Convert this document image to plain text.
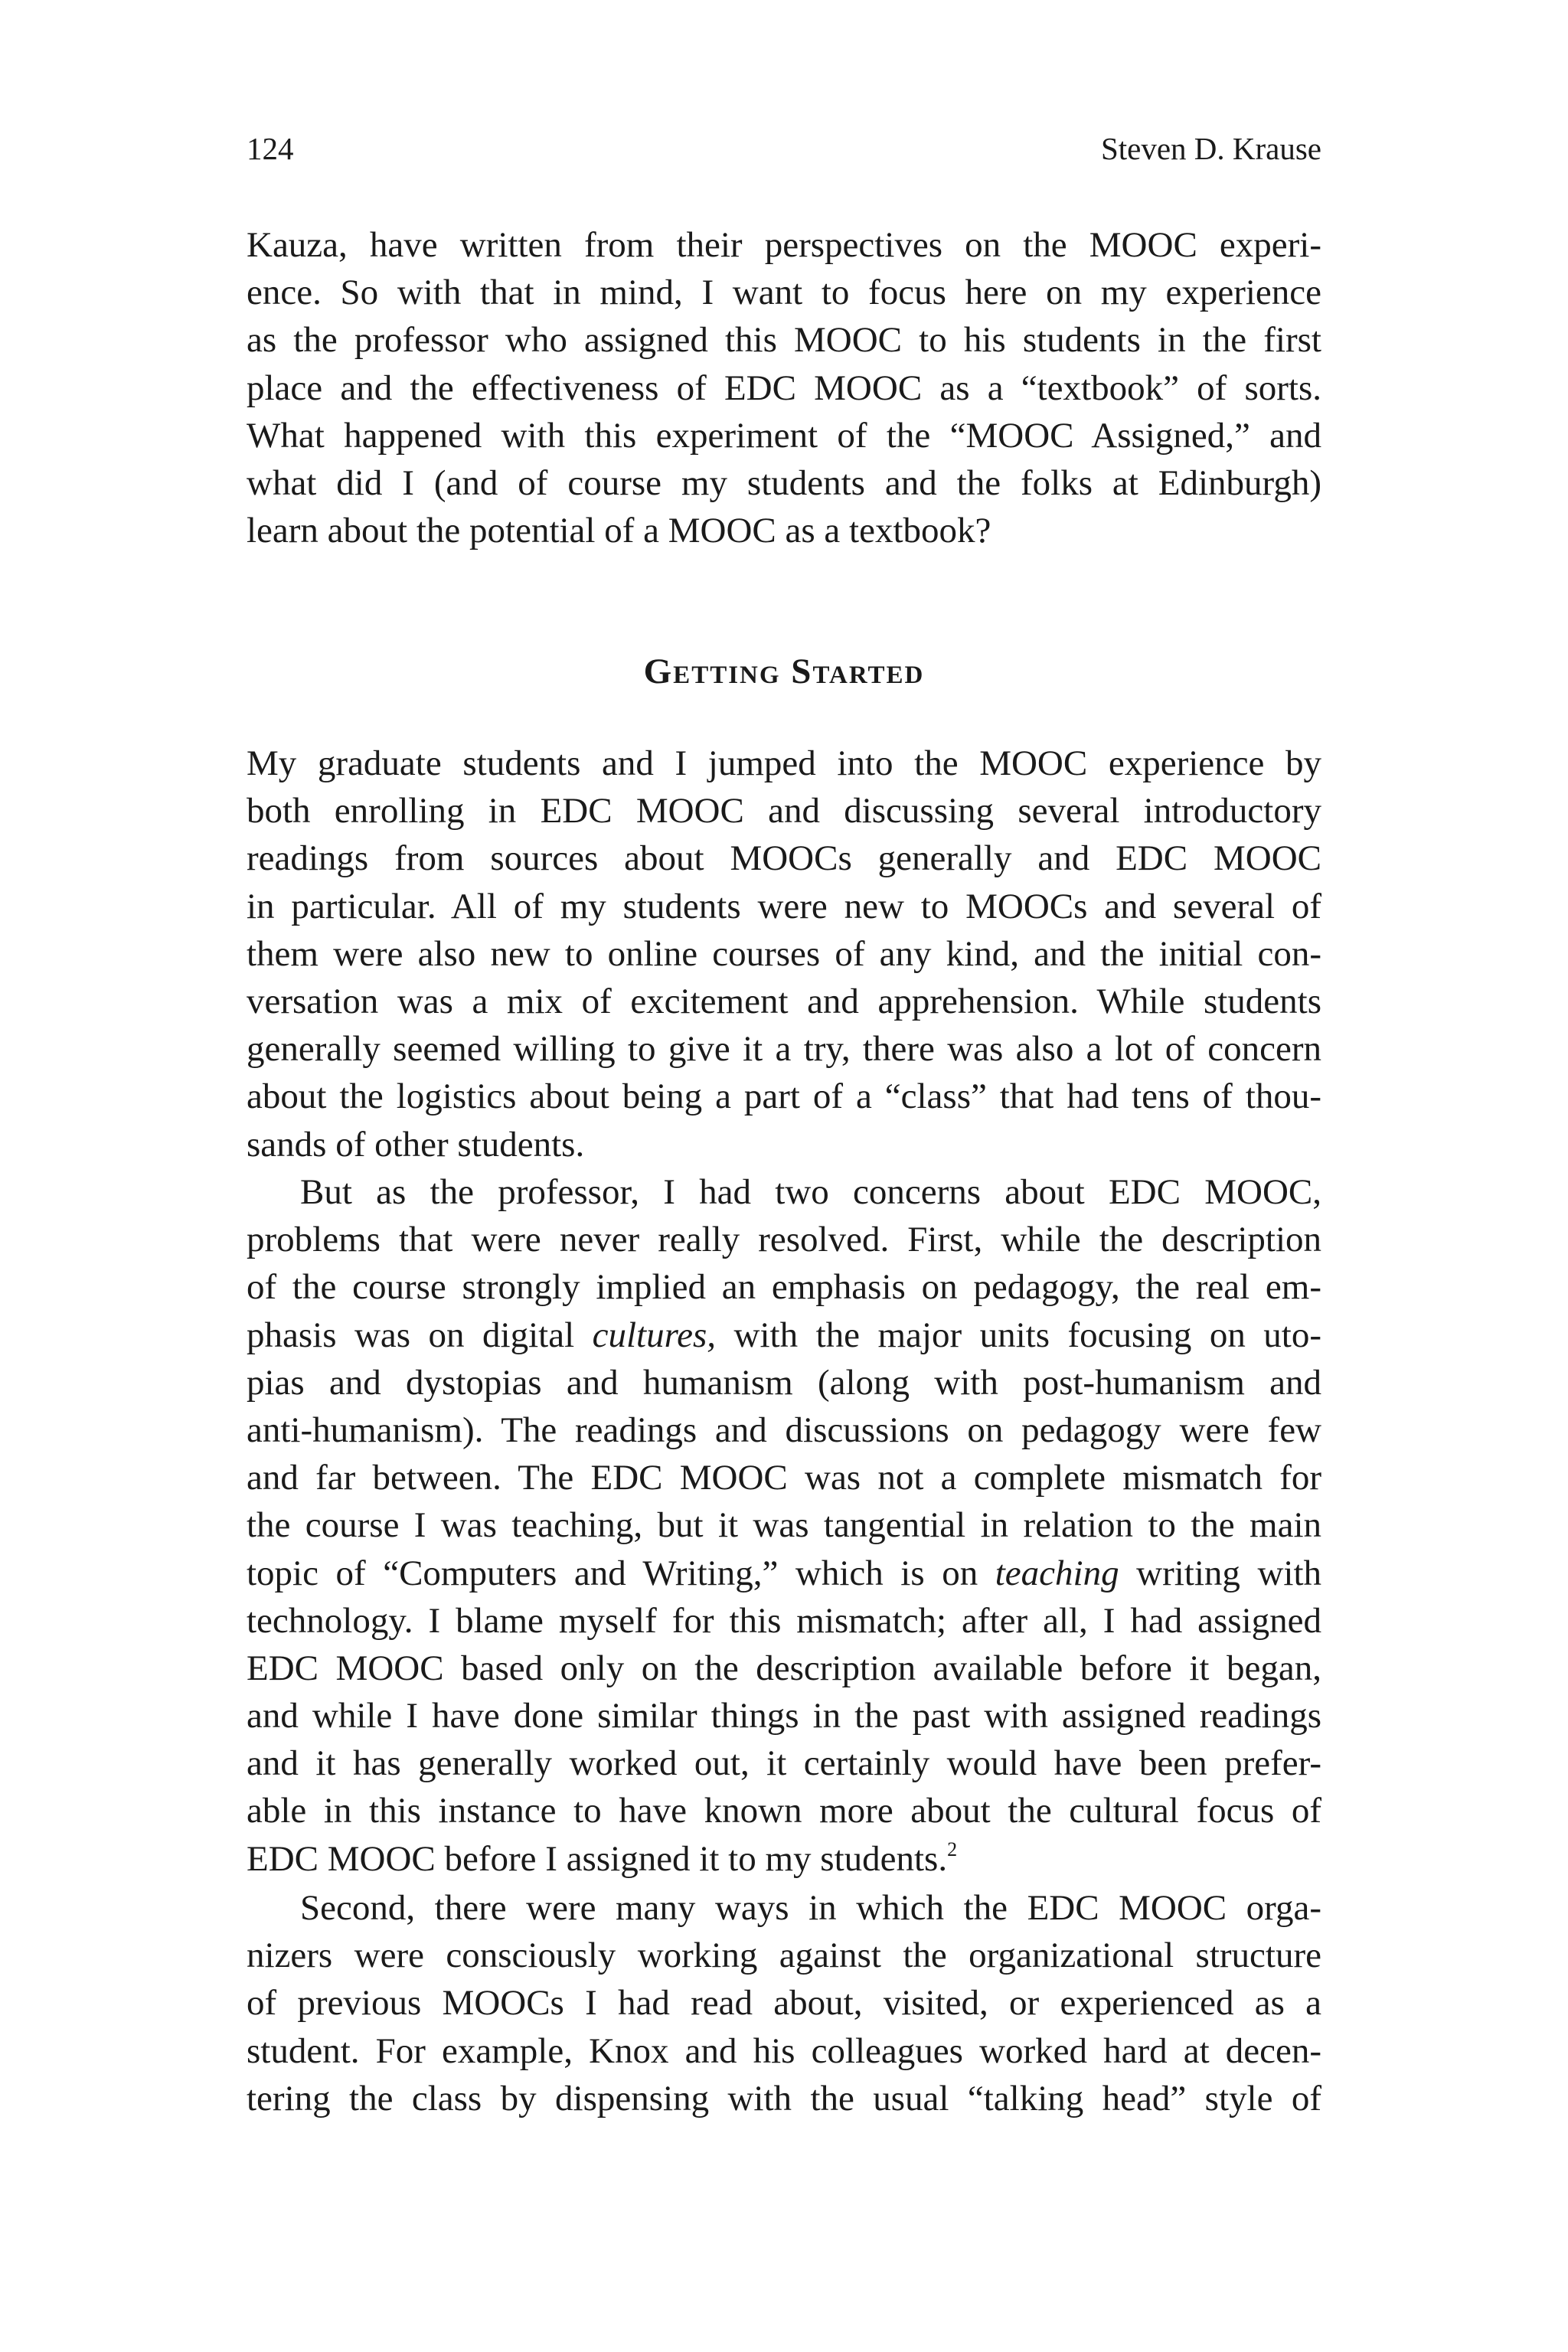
124	Steven D. Krause
Kauza, have written from their perspectives on the MOOC experi-
ence. So with that in mind, I want to focus here on my experience
as the professor who assigned this MOOC to his students in the first
place and the effectiveness of EDC MOOC as a “textbook” of sorts.
What happened with this experiment of the “MOOC Assigned,” and
what did I (and of course my students and the folks at Edinburgh)
learn about the potential of a MOOC as a textbook?
Getting Started
My graduate students and I jumped into the MOOC experience by
both enrolling in EDC MOOC and discussing several introductory
readings from sources about MOOCs generally and EDC MOOC
in particular. All of my students were new to MOOCs and several of
them were also new to online courses of any kind, and the initial con-
versation was a mix of excitement and apprehension. While students
generally seemed willing to give it a try, there was also a lot of concern
about the logistics about being a part of a “class” that had tens of thou-
sands of other students.
But as the professor, I had two concerns about EDC MOOC,
problems that were never really resolved. First, while the description
of the course strongly implied an emphasis on pedagogy, the real em-
phasis was on digital cultures, with the major units focusing on uto-
pias and dystopias and humanism (along with post-humanism and
anti-humanism). The readings and discussions on pedagogy were few
and far between. The EDC MOOC was not a complete mismatch for
the course I was teaching, but it was tangential in relation to the main
topic of “Computers and Writing,” which is on teaching writing with
technology. I blame myself for this mismatch; after all, I had assigned
EDC MOOC based only on the description available before it began,
and while I have done similar things in the past with assigned readings
and it has generally worked out, it certainly would have been prefer-
able in this instance to have known more about the cultural focus of
EDC MOOC before I assigned it to my students.$^2$
Second, there were many ways in which the EDC MOOC orga-
nizers were consciously working against the organizational structure
of previous MOOCs I had read about, visited, or experienced as a
student. For example, Knox and his colleagues worked hard at decen-
tering the class by dispensing with the usual “talking head” style of
